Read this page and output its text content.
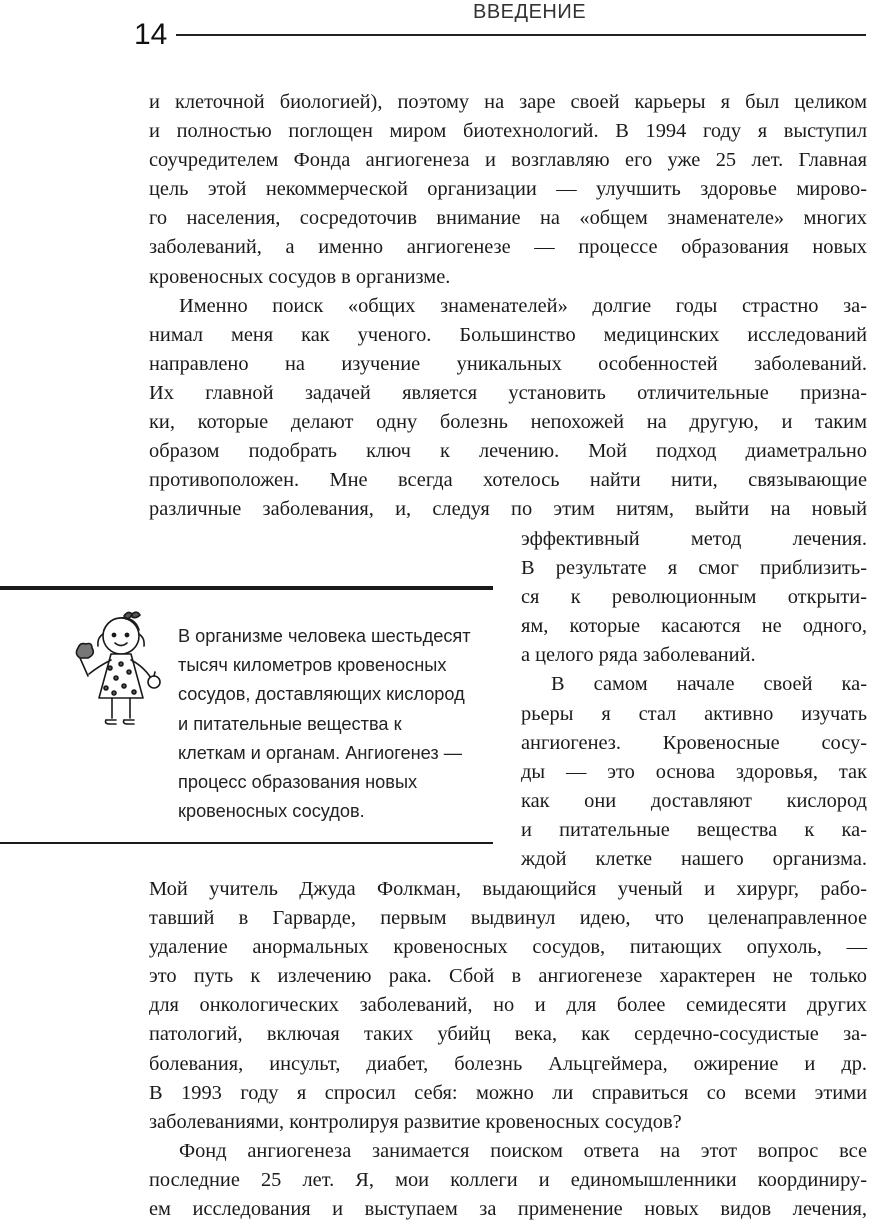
14
ВВЕДЕНИЕ
и клеточной биологией), поэтому на заре своей карьеры я был целиком
и полностью поглощен миром биотехнологий. В 1994 году я выступил
соучредителем Фонда ангиогенеза и возглавляю его уже 25 лет. Главная
цель этой некоммерческой организации — улучшить здоровье мирово-
го населения, сосредоточив внимание на «общем знаменателе» многих
заболеваний, а именно ангиогенезе — процессе образования новых
кровеносных сосудов в организме.
Именно поиск «общих знаменателей» долгие годы страстно за-
нимал меня как ученого. Большинство медицинских исследований
направлено на изучение уникальных особенностей заболеваний.
Их главной задачей является установить отличительные призна-
ки, которые делают одну болезнь непохожей на другую, и таким
образом подобрать ключ к лечению. Мой подход диаметрально
противоположен. Мне всегда хотелось найти нити, связывающие
различные заболевания, и, следуя по этим нитям, выйти на новый
эффективный метод лечения.
В результате я смог приблизить-
ся к революционным открыти-
ям, которые касаются не одного,
а целого ряда заболеваний.
В самом начале своей ка-
рьеры я стал активно изучать
ангиогенез. Кровеносные сосу-
ды — это основа здоровья, так
как они доставляют кислород
и питательные вещества к ка-
ждой клетке нашего организма.
В организме человека шестьдесят
тысяч километров кровеносных
сосудов, доставляющих кислород
и питательные вещества к
клеткам и органам. Ангиогенез —
процесс образования новых
кровеносных сосудов.
Мой учитель Джуда Фолкман, выдающийся ученый и хирург, рабо-
тавший в Гарварде, первым выдвинул идею, что целенаправленное
удаление анормальных кровеносных сосудов, питающих опухоль, —
это путь к излечению рака. Сбой в ангиогенезе характерен не только
для онкологических заболеваний, но и для более семидесяти других
патологий, включая таких убийц века, как сердечно-сосудистые за-
болевания, инсульт, диабет, болезнь Альцгеймера, ожирение и др.
В 1993 году я спросил себя: можно ли справиться со всеми этими
заболеваниями, контролируя развитие кровеносных сосудов?
Фонд ангиогенеза занимается поиском ответа на этот вопрос все
последние 25 лет. Я, мои коллеги и единомышленники координиру-
ем исследования и выступаем за применение новых видов лечения,
